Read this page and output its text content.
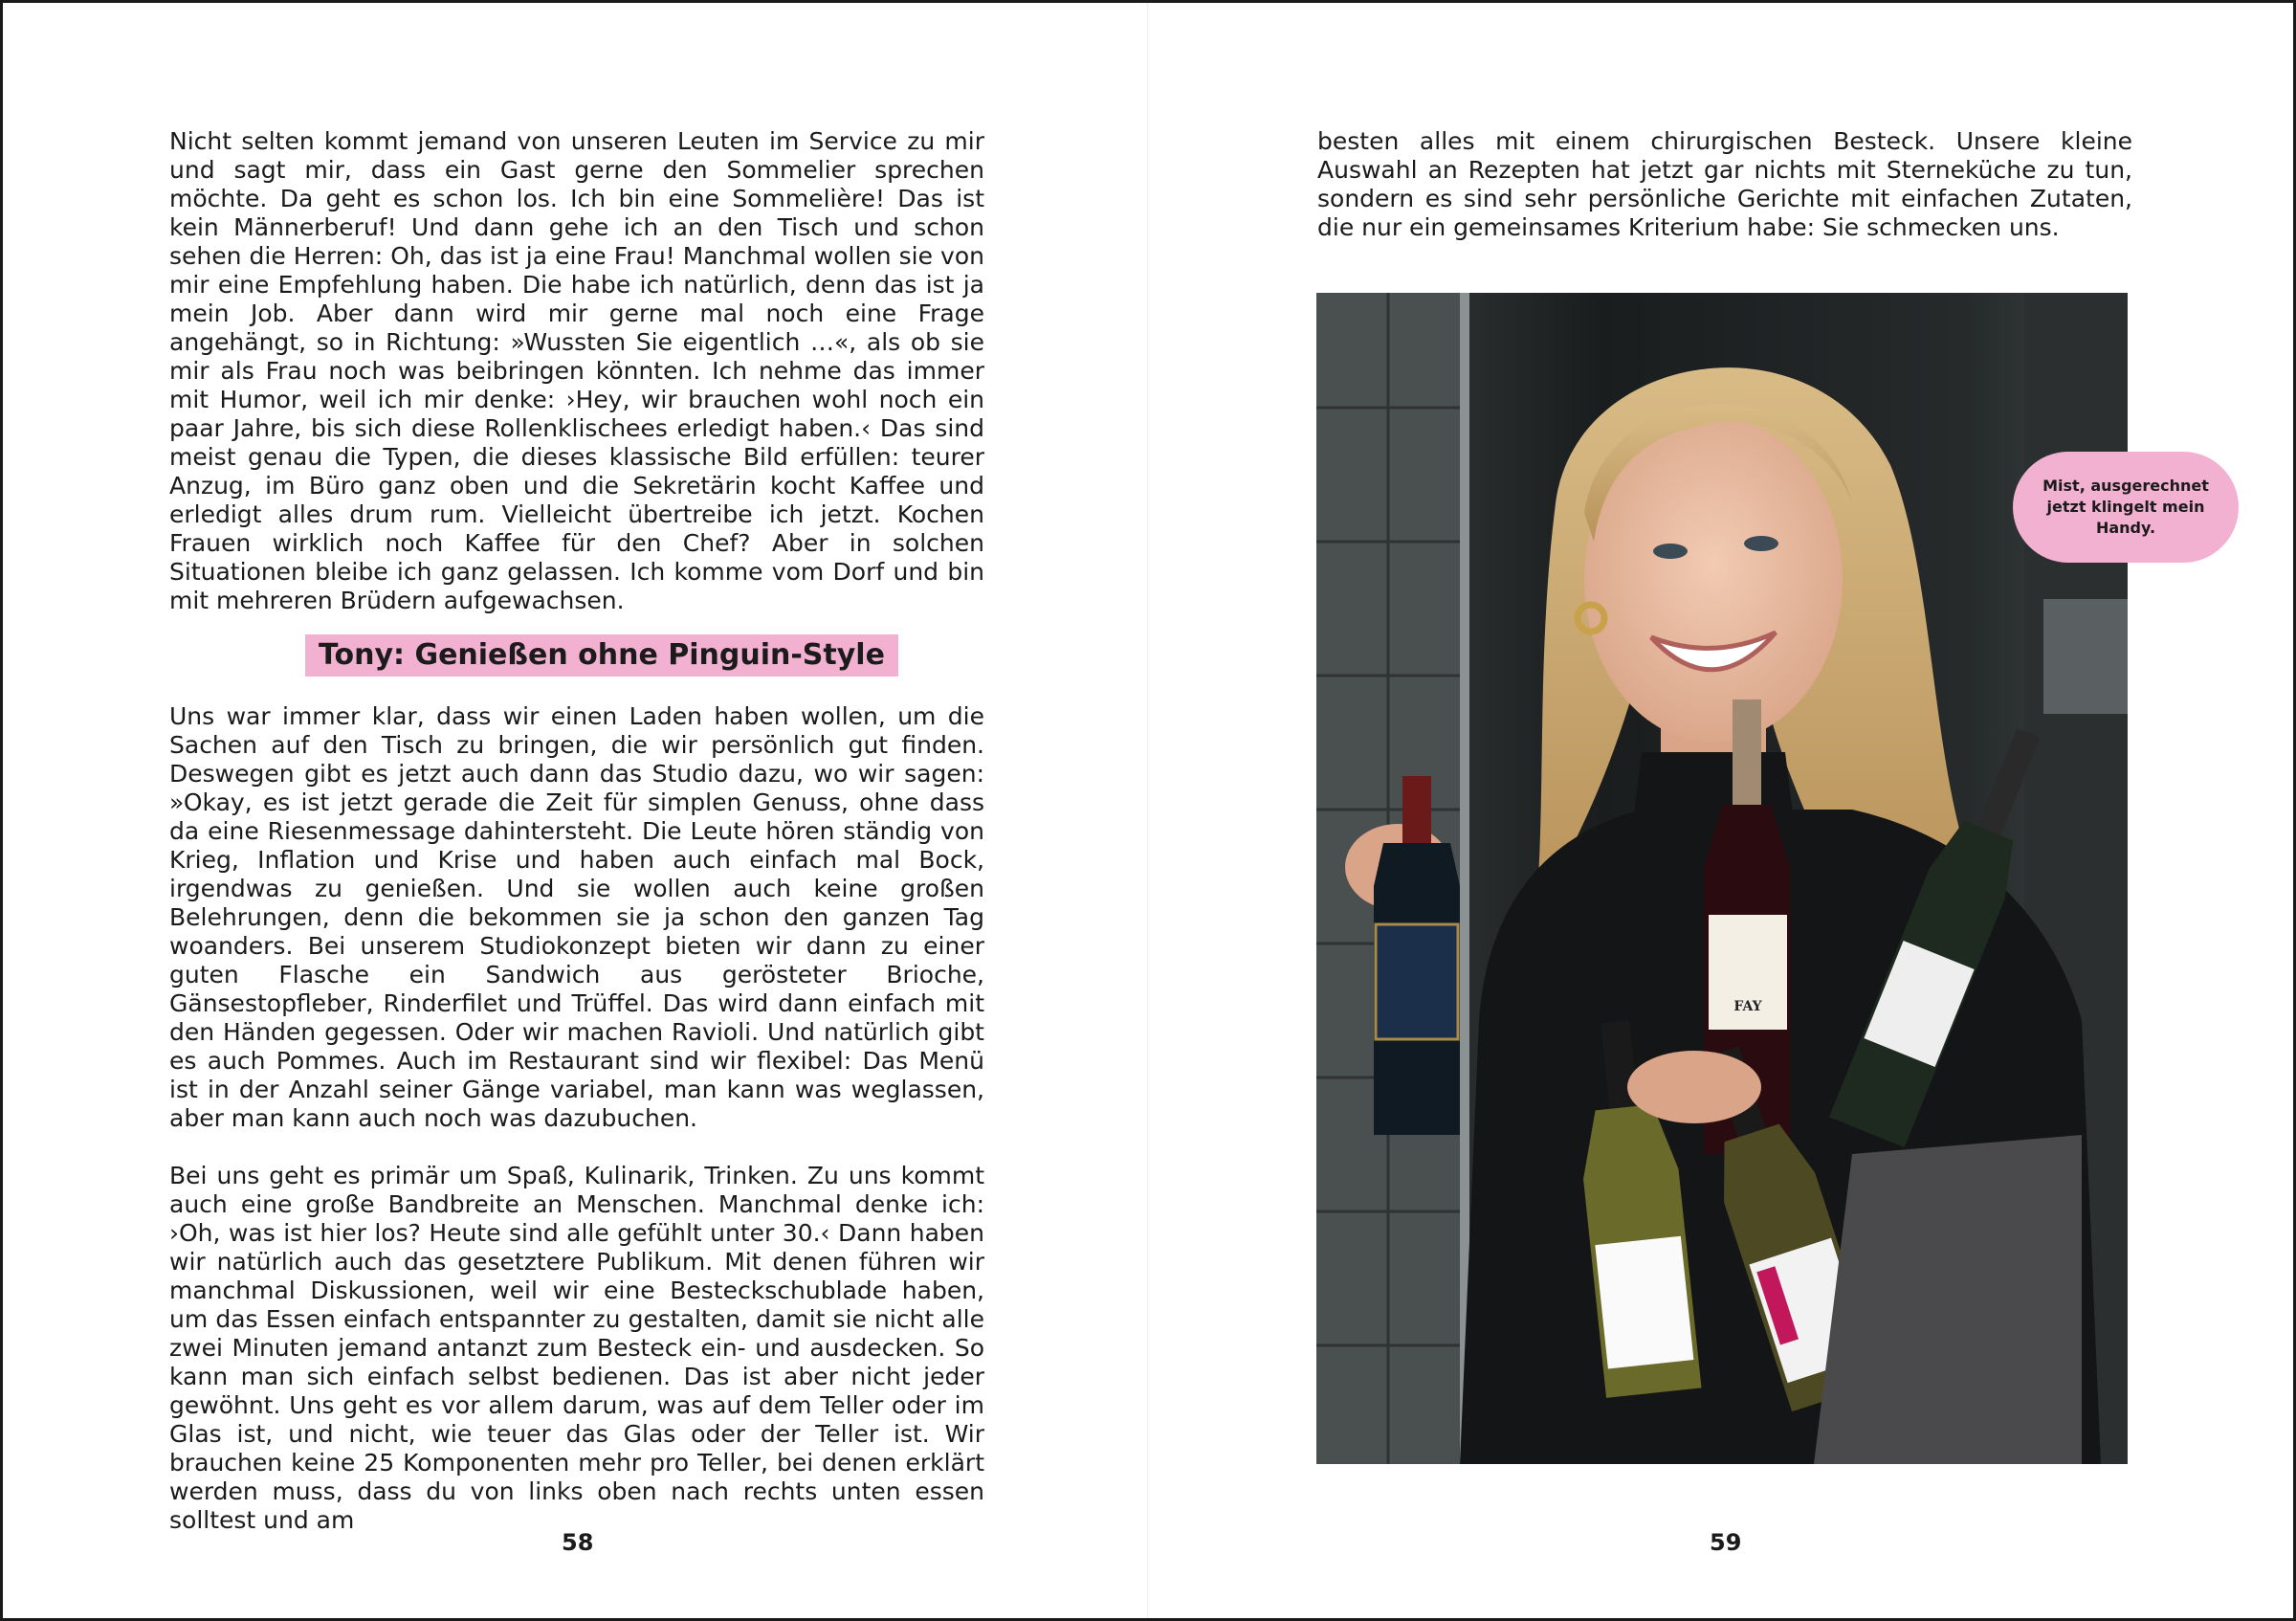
Nicht selten kommt jemand von unseren Leuten im Service zu mir und sagt mir, dass ein Gast gerne den Sommelier sprechen möchte. Da geht es schon los. Ich bin eine Sommelière! Das ist kein Männerberuf! Und dann gehe ich an den Tisch und schon sehen die Herren: Oh, das ist ja eine Frau! Manchmal wollen sie von mir eine Empfehlung haben. Die habe ich natürlich, denn das ist ja mein Job. Aber dann wird mir gerne mal noch eine Frage angehängt, so in Richtung: »Wussten Sie eigentlich …«, als ob sie mir als Frau noch was beibringen könnten. Ich nehme das immer mit Humor, weil ich mir denke: ›Hey, wir brauchen wohl noch ein paar Jahre, bis sich diese Rollenklischees erledigt haben.‹ Das sind meist genau die Typen, die dieses klassische Bild erfüllen: teurer Anzug, im Büro ganz oben und die Sekretärin kocht Kaffee und erledigt alles drum rum. Vielleicht übertreibe ich jetzt. Kochen Frauen wirklich noch Kaffee für den Chef? Aber in solchen Situationen bleibe ich ganz gelassen. Ich komme vom Dorf und bin mit mehreren Brüdern aufgewachsen.

Tony: Genießen ohne Pinguin-Style

Uns war immer klar, dass wir einen Laden haben wollen, um die Sachen auf den Tisch zu bringen, die wir persönlich gut finden. Deswegen gibt es jetzt auch dann das Studio dazu, wo wir sagen: »Okay, es ist jetzt gerade die Zeit für simplen Genuss, ohne dass da eine Riesenmessage dahintersteht. Die Leute hören ständig von Krieg, Inflation und Krise und haben auch einfach mal Bock, irgendwas zu genießen. Und sie wollen auch keine großen Belehrungen, denn die bekommen sie ja schon den ganzen Tag woanders. Bei unserem Studiokonzept bieten wir dann zu einer guten Flasche ein Sandwich aus gerösteter Brioche, Gänsestopfleber, Rinderfilet und Trüffel. Das wird dann einfach mit den Händen gegessen. Oder wir machen Ravioli. Und natürlich gibt es auch Pommes. Auch im Restaurant sind wir flexibel: Das Menü ist in der Anzahl seiner Gänge variabel, man kann was weglassen, aber man kann auch noch was dazubuchen.

Bei uns geht es primär um Spaß, Kulinarik, Trinken. Zu uns kommt auch eine große Bandbreite an Menschen. Manchmal denke ich: ›Oh, was ist hier los? Heute sind alle gefühlt unter 30.‹ Dann haben wir natürlich auch das gesetztere Publikum. Mit denen führen wir manchmal Diskussionen, weil wir eine Besteckschublade haben, um das Essen einfach entspannter zu gestalten, damit sie nicht alle zwei Minuten jemand antanzt zum Besteck ein- und ausdecken. So kann man sich einfach selbst bedienen. Das ist aber nicht jeder gewöhnt. Uns geht es vor allem darum, was auf dem Teller oder im Glas ist, und nicht, wie teuer das Glas oder der Teller ist. Wir brauchen keine 25 Komponenten mehr pro Teller, bei denen erklärt werden muss, dass du von links oben nach rechts unten essen solltest und am

58

besten alles mit einem chirurgischen Besteck. Unsere kleine Auswahl an Rezepten hat jetzt gar nichts mit Sterneküche zu tun, sondern es sind sehr persönliche Gerichte mit einfachen Zutaten, die nur ein gemeinsames Kriterium habe: Sie schmecken uns.

59
FAY
Mist, ausgerechnet jetzt klingelt mein Handy.
